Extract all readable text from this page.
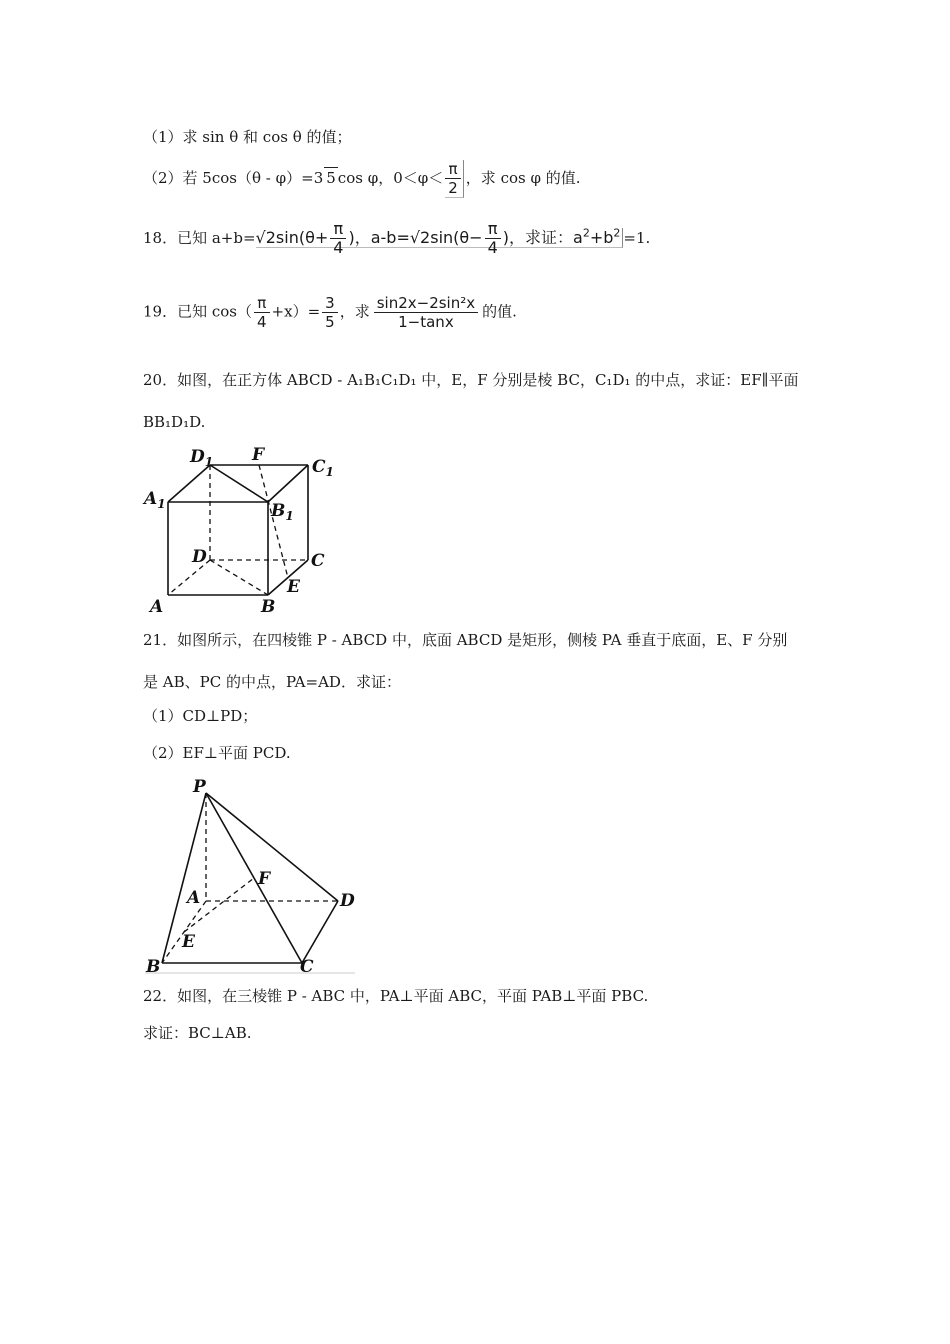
（1）求 sin θ 和 cos θ 的值；
（2）若 5cos（θ - φ）=3 5 cos φ，$0<\varphi< \frac{\pi}{2}$ ，求 cos φ 的值.
18．已知 $a+b=√2\sin(\theta+ \frac{\pi}{4}$ )，$a-b=√2\sin(\theta- \frac{\pi}{4}$ )，求证：$a^2+b^2 =1$.
19．已知 $\cos( \frac{\pi}{4} +x)= \frac{3}{5}$ ，求 $\frac{\text{sin2x−2sin²x}}{1-\tan x}$ 的值.
20．如图，在正方体 ABCD - A₁B₁C₁D₁ 中，E，F 分别是棱 BC，C₁D₁ 的中点，求证：EF∥平面
BB₁D₁D.
$D_1$ F
$C_1$
$A_1$	$B_1$
D	C
E
A	B
21．如图所示，在四棱锥 P - ABCD 中，底面 ABCD 是矩形，侧棱 PA 垂直于底面，E、F 分别
是 AB、PC 的中点，PA=AD．求证：
（1）CD⊥PD；
（2）EF⊥平面 PCD.
P
A
F
D
E
B	C
22．如图，在三棱锥 P - ABC 中，PA⊥平面 ABC，平面 PAB⊥平面 PBC.
求证：BC⊥AB.
